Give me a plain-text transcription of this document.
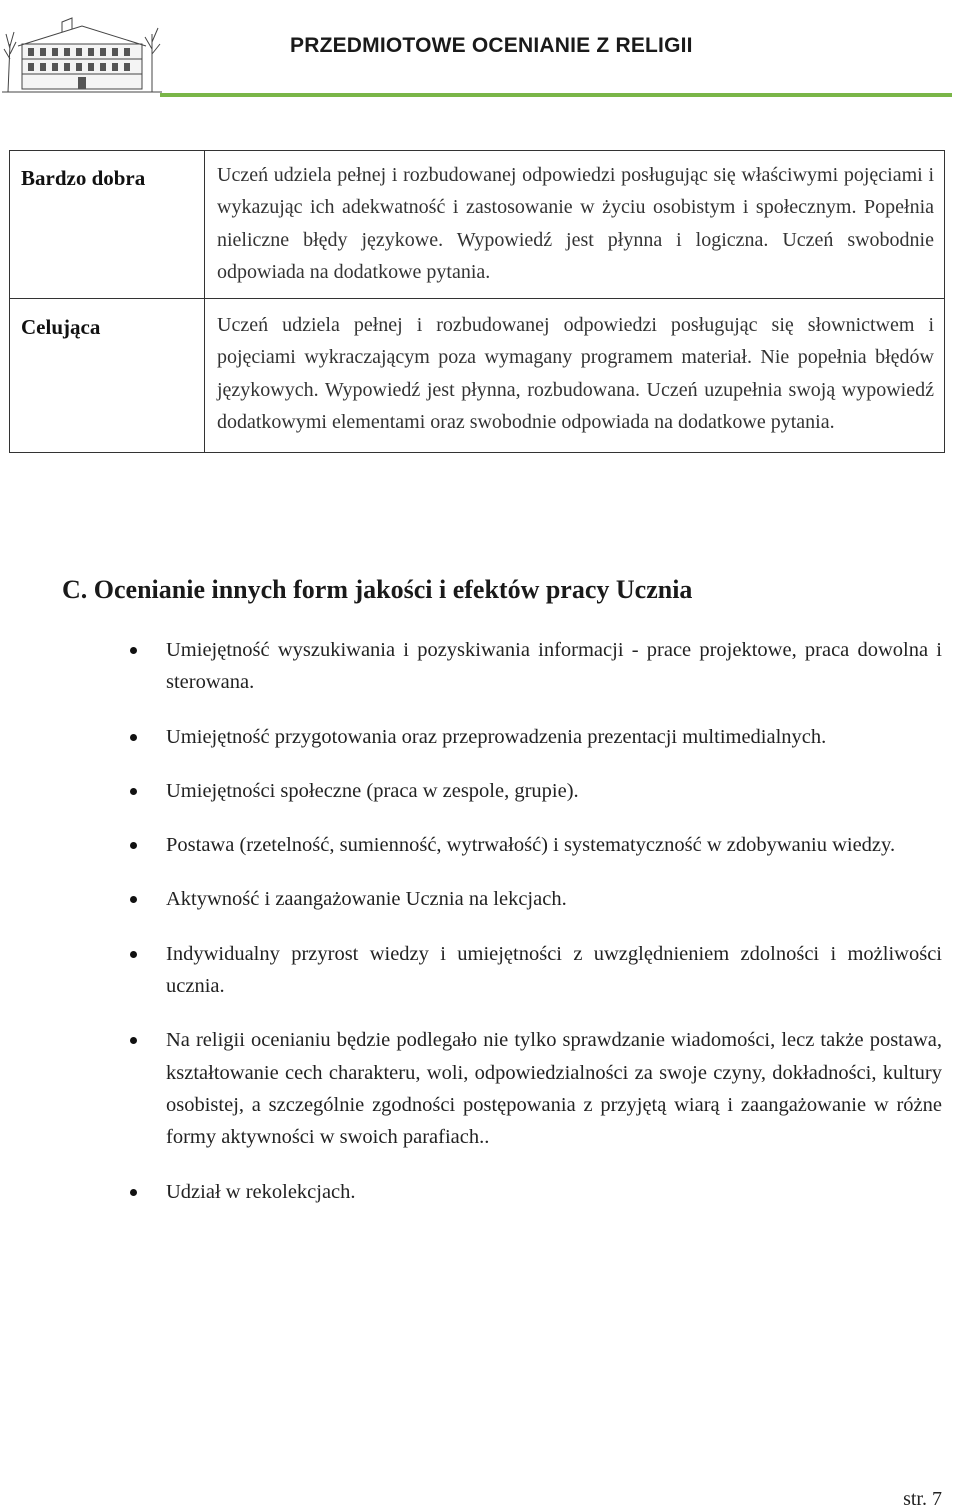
PRZEDMIOTOWE OCENIANIE Z RELIGII
Bardzo dobra	Uczeń udziela pełnej i rozbudowanej odpowiedzi posługując się właściwymi pojęciami i wykazując ich adekwatność i zastosowanie w życiu osobistym i społecznym. Popełnia nieliczne błędy językowe. Wypowiedź jest płynna i logiczna. Uczeń swobodnie odpowiada na dodatkowe pytania.
Celująca	Uczeń udziela pełnej i rozbudowanej odpowiedzi posługując się słownictwem i pojęciami wykraczającym poza wymagany programem materiał. Nie popełnia błędów językowych. Wypowiedź jest płynna, rozbudowana. Uczeń uzupełnia swoją wypowiedź dodatkowymi elementami oraz swobodnie odpowiada na dodatkowe pytania.
C. Ocenianie innych form jakości i efektów pracy Ucznia
Umiejętność wyszukiwania i pozyskiwania informacji - prace projektowe, praca dowolna i sterowana.
Umiejętność przygotowania oraz przeprowadzenia prezentacji multimedialnych.
Umiejętności społeczne (praca w zespole, grupie).
Postawa (rzetelność, sumienność, wytrwałość) i systematyczność w zdobywaniu wiedzy.
Aktywność i zaangażowanie Ucznia na lekcjach.
Indywidualny przyrost wiedzy i umiejętności z uwzględnieniem zdolności i możliwości ucznia.
Na religii ocenianiu będzie podlegało nie tylko sprawdzanie wiadomości, lecz także postawa, kształtowanie cech charakteru, woli, odpowiedzialności za swoje czyny, dokładności, kultury osobistej, a szczególnie zgodności postępowania z przyjętą wiarą i zaangażowanie w różne formy aktywności w swoich parafiach..
Udział w rekolekcjach.
str. 7
